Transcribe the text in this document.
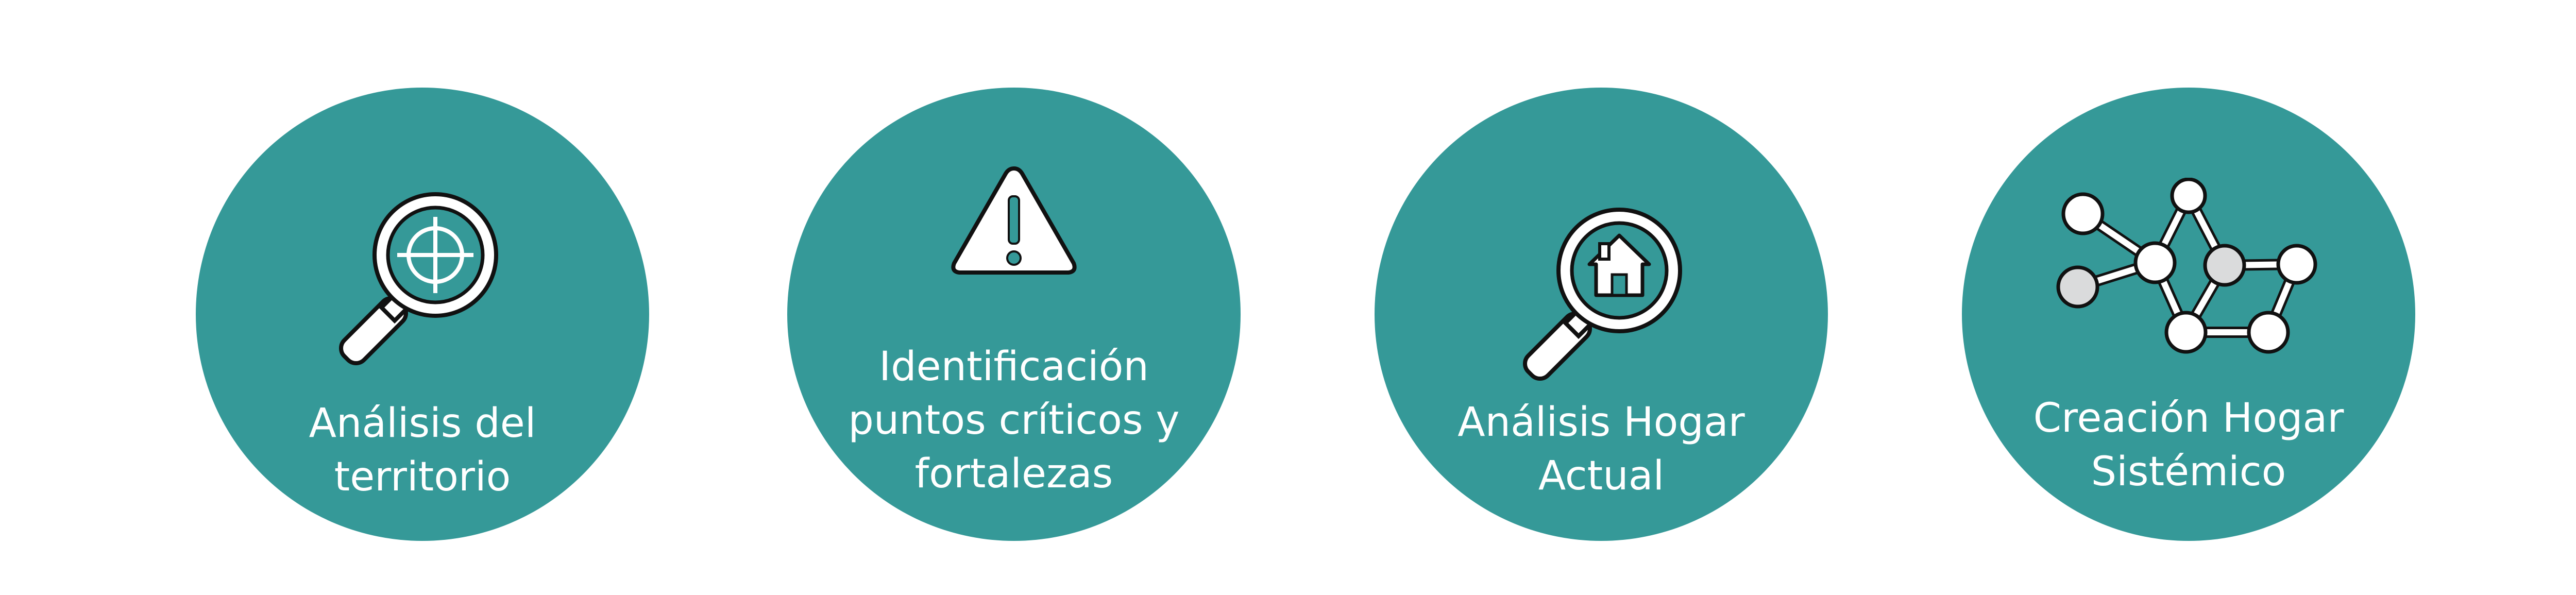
Análisis del
territorio
Identificación
puntos críticos y
fortalezas
Análisis Hogar
Actual
Creación Hogar
Sistémico
